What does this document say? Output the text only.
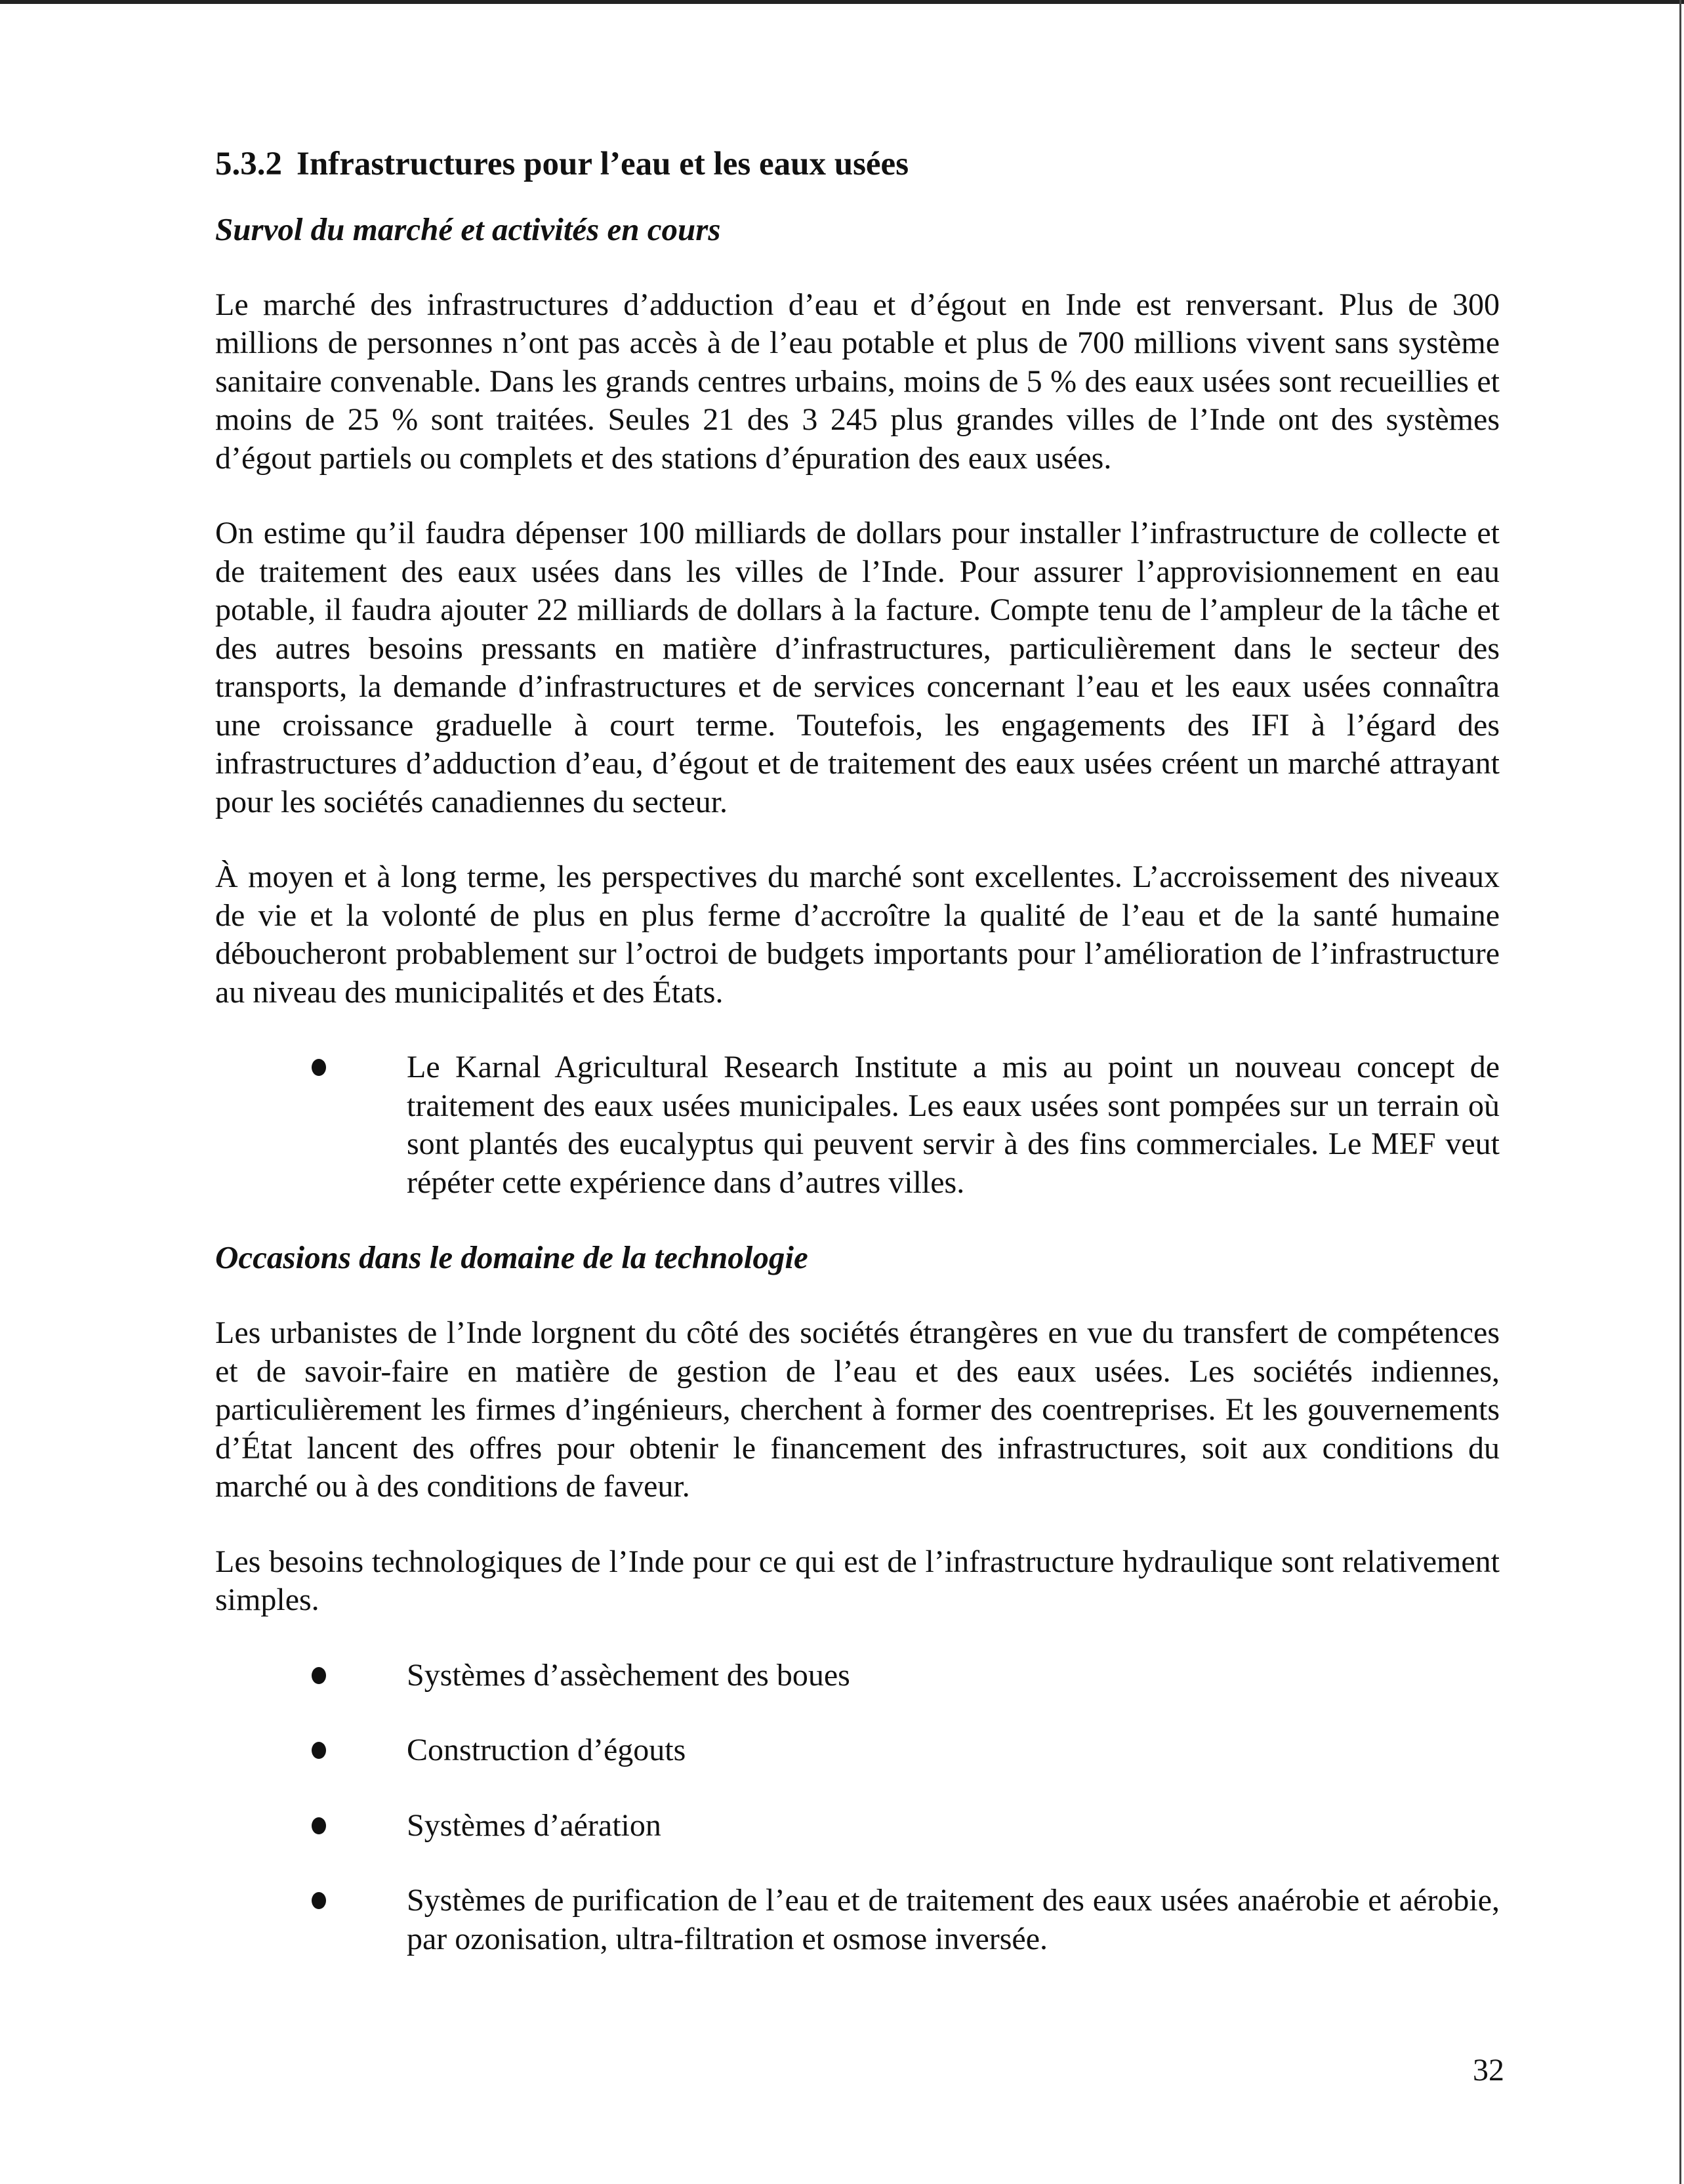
5.3.2 Infrastructures pour l’eau et les eaux usées
Survol du marché et activités en cours

Le marché des infrastructures d’adduction d’eau et d’égout en Inde est renversant. Plus de 300 millions de personnes n’ont pas accès à de l’eau potable et plus de 700 millions vivent sans système sanitaire convenable. Dans les grands centres urbains, moins de 5 % des eaux usées sont recueillies et moins de 25 % sont traitées. Seules 21 des 3 245 plus grandes villes de l’Inde ont des systèmes d’égout partiels ou complets et des stations d’épuration des eaux usées.

On estime qu’il faudra dépenser 100 milliards de dollars pour installer l’infrastructure de collecte et de traitement des eaux usées dans les villes de l’Inde. Pour assurer l’approvisionnement en eau potable, il faudra ajouter 22 milliards de dollars à la facture. Compte tenu de l’ampleur de la tâche et des autres besoins pressants en matière d’infrastructures, particulièrement dans le secteur des transports, la demande d’infrastructures et de services concernant l’eau et les eaux usées connaîtra une croissance graduelle à court terme. Toutefois, les engagements des IFI à l’égard des infrastructures d’adduction d’eau, d’égout et de traitement des eaux usées créent un marché attrayant pour les sociétés canadiennes du secteur.

À moyen et à long terme, les perspectives du marché sont excellentes. L’accroissement des niveaux de vie et la volonté de plus en plus ferme d’accroître la qualité de l’eau et de la santé humaine déboucheront probablement sur l’octroi de budgets importants pour l’amélioration de l’infrastructure au niveau des municipalités et des États.

Le Karnal Agricultural Research Institute a mis au point un nouveau concept de traitement des eaux usées municipales. Les eaux usées sont pompées sur un terrain où sont plantés des eucalyptus qui peuvent servir à des fins commerciales. Le MEF veut répéter cette expérience dans d’autres villes.
Occasions dans le domaine de la technologie

Les urbanistes de l’Inde lorgnent du côté des sociétés étrangères en vue du transfert de compétences et de savoir-faire en matière de gestion de l’eau et des eaux usées. Les sociétés indiennes, particulièrement les firmes d’ingénieurs, cherchent à former des coentreprises. Et les gouvernements d’État lancent des offres pour obtenir le financement des infrastructures, soit aux conditions du marché ou à des conditions de faveur.

Les besoins technologiques de l’Inde pour ce qui est de l’infrastructure hydraulique sont relativement simples.

Systèmes d’assèchement des boues
Construction d’égouts
Systèmes d’aération
Systèmes de purification de l’eau et de traitement des eaux usées anaérobie et aérobie, par ozonisation, ultra-filtration et osmose inversée.
32
